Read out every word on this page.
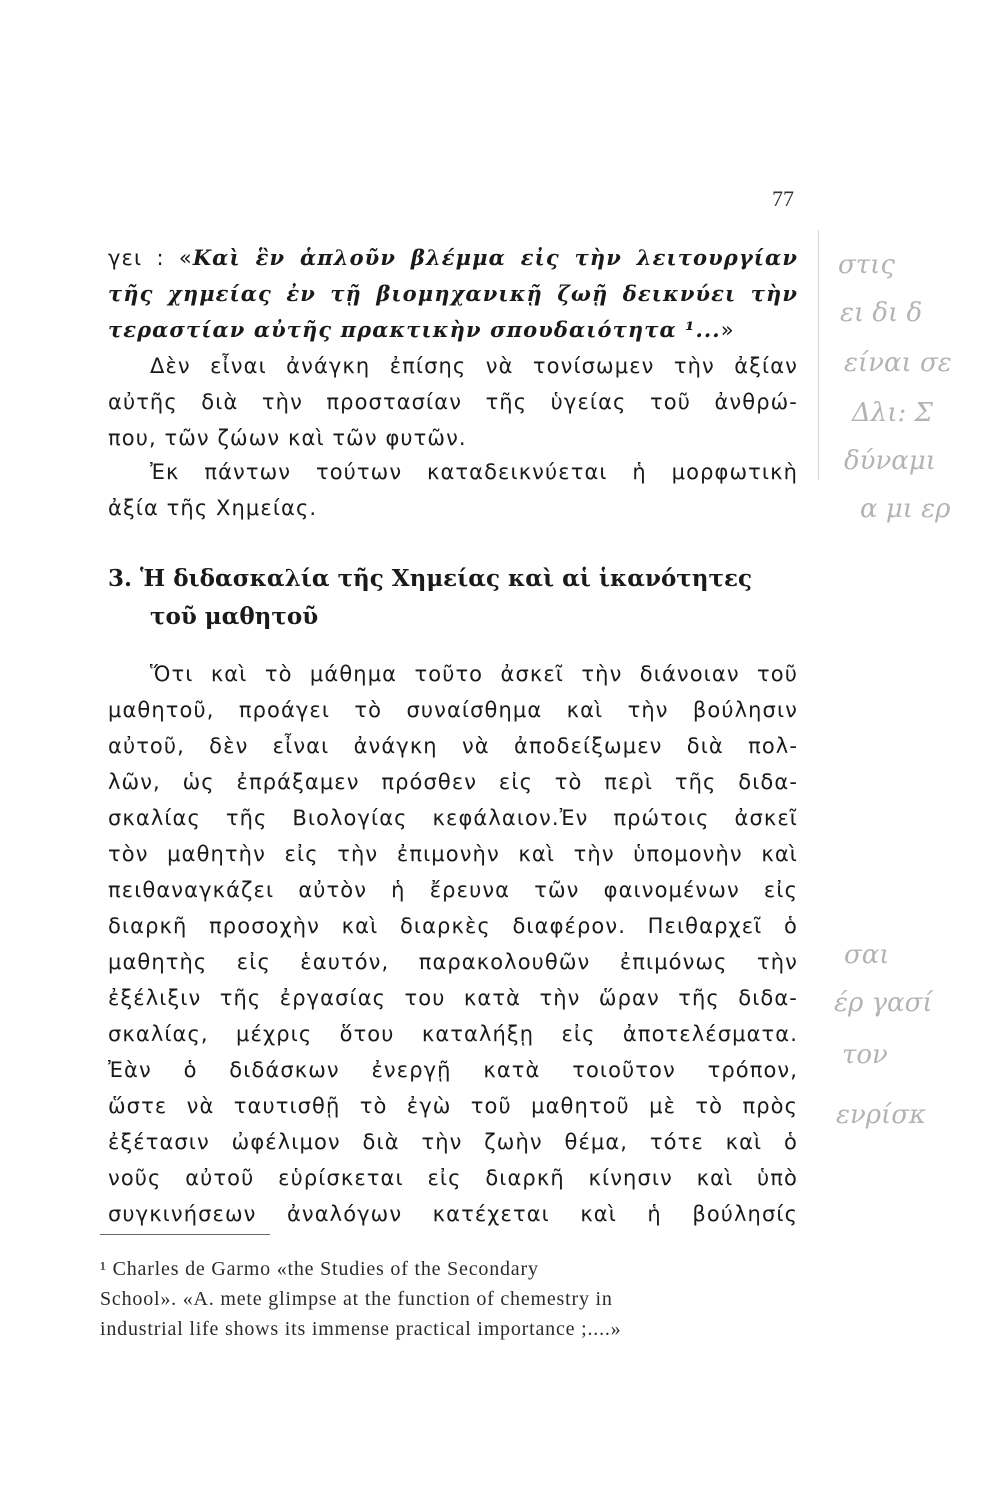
77
γει : «Καὶ ἓν ἁπλοῦν βλέμμα εἰς τὴν λειτουργίαν
τῆς χημείας ἐν τῇ βιομηχανικῇ ζωῇ δεικνύει τὴν
τεραστίαν αὐτῆς πρακτικὴν σπουδαιότητα ¹...»
Δὲν εἶναι ἀνάγκη ἐπίσης νὰ τονίσωμεν τὴν ἀξίαν
αὐτῆς διὰ τὴν προστασίαν τῆς ὑγείας τοῦ ἀνθρώ-
που, τῶν ζώων καὶ τῶν φυτῶν.
Ἐκ πάντων τούτων καταδεικνύεται ἡ μορφωτικὴ
ἀξία τῆς Χημείας.
3. Ἡ διδασκαλία τῆς Χημείας καὶ αἱ ἱκανότητες
τοῦ μαθητοῦ
Ὅτι καὶ τὸ μάθημα τοῦτο ἀσκεῖ τὴν διάνοιαν τοῦ
μαθητοῦ, προάγει τὸ συναίσθημα καὶ τὴν βούλησιν
αὐτοῦ, δὲν εἶναι ἀνάγκη νὰ ἀποδείξωμεν διὰ πολ-
λῶν, ὡς ἐπράξαμεν πρόσθεν εἰς τὸ περὶ τῆς διδα-
σκαλίας τῆς Βιολογίας κεφάλαιον.Ἐν πρώτοις ἀσκεῖ
τὸν μαθητὴν εἰς τὴν ἐπιμονὴν καὶ τὴν ὑπομονὴν καὶ
πειθαναγκάζει αὐτὸν ἡ ἔρευνα τῶν φαινομένων εἰς
διαρκῆ προσοχὴν καὶ διαρκὲς διαφέρον. Πειθαρχεῖ ὁ
μαθητὴς εἰς ἑαυτόν, παρακολουθῶν ἐπιμόνως τὴν
ἐξέλιξιν τῆς ἐργασίας του κατὰ τὴν ὥραν τῆς διδα-
σκαλίας, μέχρις ὅτου καταλήξῃ εἰς ἀποτελέσματα.
Ἐὰν ὁ διδάσκων ἐνεργῇ κατὰ τοιοῦτον τρόπον,
ὥστε νὰ ταυτισθῇ τὸ ἐγὼ τοῦ μαθητοῦ μὲ τὸ πρὸς
ἐξέτασιν ὠφέλιμον διὰ τὴν ζωὴν θέμα, τότε καὶ ὁ
νοῦς αὐτοῦ εὑρίσκεται εἰς διαρκῆ κίνησιν καὶ ὑπὸ
συγκινήσεων ἀναλόγων κατέχεται καὶ ἡ βούλησίς
¹ Charles de Garmo «the Studies of the Secondary
School». «A. mete glimpse at the function of chemestry in
industrial life shows its immense practical importance ;....»
στις
ει δι δ
είναι σε
Δλι: Σ
δύναμι
α μι ερ
σαι
έρ γασί
τον
ενρίσκ
